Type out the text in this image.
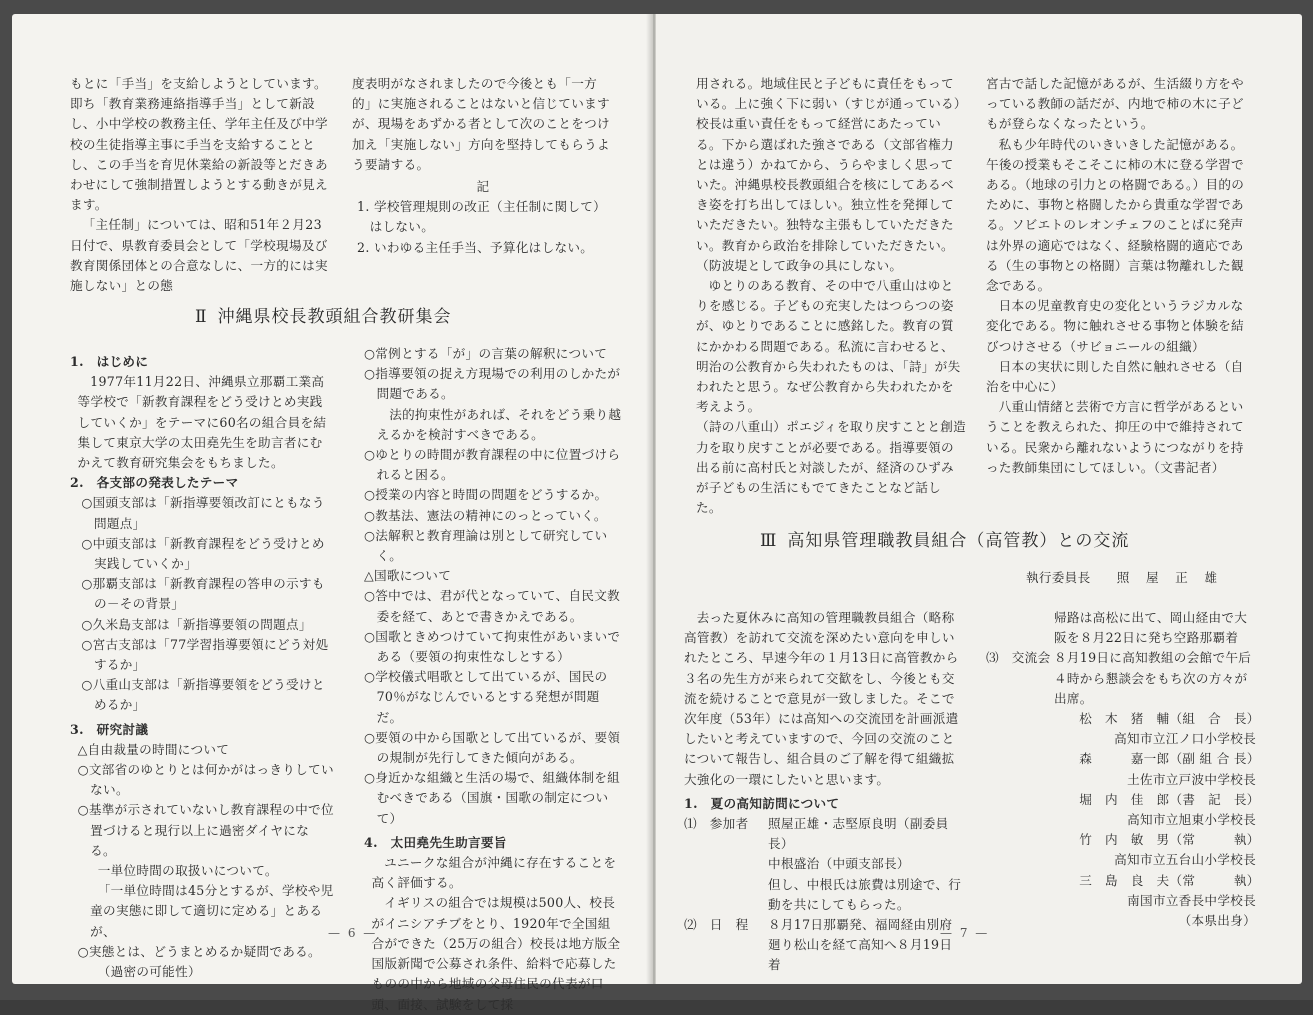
もとに「手当」を支給しようとしています。即ち「教育業務連絡指導手当」として新設し、小中学校の教務主任、学年主任及び中学校の生徒指導主事に手当を支給することとし、この手当を育児休業給の新設等とだきあわせにして強制措置しようとする動きが見えます。

「主任制」については、昭和51年２月23日付で、県教育委員会として「学校現場及び教育関係団体との合意なしに、一方的には実施しない」との態

度表明がなされましたので今後とも「一方的」に実施されることはないと信じていますが、現場をあずかる者として次のことをつけ加え「実施しない」方向を堅持してもらうよう要請する。

記

1. 学校管理規則の改正（主任制に関して）はしない。

2. いわゆる主任手当、予算化はしない。

Ⅱ 沖縄県校長教頭組合教研集会

1.　はじめに

1977年11月22日、沖縄県立那覇工業高等学校で「新教育課程をどう受けとめ実践していくか」をテーマに60名の組合員を結集して東京大学の太田堯先生を助言者にむかえて教育研究集会をもちました。

2.　各支部の発表したテーマ

○国頭支部は「新指導要領改訂にともなう問題点」

○中頭支部は「新教育課程をどう受けとめ実践していくか」

○那覇支部は「新教育課程の答申の示すもの－その背景」

○久米島支部は「新指導要領の問題点」

○宮古支部は「77学習指導要領にどう対処するか」

○八重山支部は「新指導要領をどう受けとめるか」

3.　研究討議

△自由裁量の時間について

○文部省のゆとりとは何かがはっきりしていない。

○基準が示されていないし教育課程の中で位置づけると現行以上に過密ダイヤになる。

一単位時間の取扱いについて。

「一単位時間は45分とするが、学校や児童の実態に即して適切に定める」とあるが、

○実態とは、どうまとめるか疑問である。

（過密の可能性）

○常例とする「が」の言葉の解釈について

○指導要領の捉え方現場での利用のしかたが問題である。

法的拘束性があれば、それをどう乗り越えるかを検討すべきである。

○ゆとりの時間が教育課程の中に位置づけられると困る。

○授業の内容と時間の問題をどうするか。

○教基法、憲法の精神にのっとっていく。

○法解釈と教育理論は別として研究していく。

△国歌について

○答中では、君が代となっていて、自民文教委を経て、あとで書きかえである。

○国歌ときめつけていて拘束性があいまいである（要領の拘束性なしとする）

○学校儀式唱歌として出ているが、国民の70％がなじんでいるとする発想が問題だ。

○要領の中から国歌として出ているが、要領の規制が先行してきた傾向がある。

○身近かな組織と生活の場で、組織体制を組むべきである（国旗・国歌の制定について）

4.　太田堯先生助言要旨

ユニークな組合が沖縄に存在することを高く評価する。

イギリスの組合では規模は500人、校長がイニシアチブをとり、1920年で全国組合ができた（25万の組合）校長は地方版全国版新聞で公募され条件、給料で応募したものの中から地域の父母住民の代表が口頭、面接、試験をして採

— 6 —

用される。地域住民と子どもに責任をもっている。上に強く下に弱い（すじが通っている）校長は重い責任をもって経営にあたっている。下から選ばれた強さである（文部省権力とは違う）かねてから、うらやましく思っていた。沖縄県校長教頭組合を核にしてあるべき姿を打ち出してほしい。独立性を発揮していただきたい。独特な主張もしていただきたい。教育から政治を排除していただきたい。（防波堤として政争の具にしない。

ゆとりのある教育、その中で八重山はゆとりを感じる。子どもの充実したはつらつの姿が、ゆとりであることに感銘した。教育の質にかかわる問題である。私流に言わせると、明治の公教育から失われたものは、「詩」が失われたと思う。なぜ公教育から失われたかを考えよう。

（詩の八重山）ポエジィを取り戻すことと創造力を取り戻すことが必要である。指導要領の出る前に高村氏と対談したが、経済のひずみが子どもの生活にもでてきたことなど話した。

宮古で話した記憶があるが、生活綴り方をやっている教師の話だが、内地で柿の木に子どもが登らなくなったという。

私も少年時代のいきいきした記憶がある。午後の授業もそこそこに柿の木に登る学習である。（地球の引力との格闘である。）目的のために、事物と格闘したから貴重な学習である。ソビエトのレオンチェフのことばに発声は外界の適応ではなく、経験格闘的適応である（生の事物との格闘）言葉は物離れした観念である。

日本の児童教育史の変化というラジカルな変化である。物に触れさせる事物と体験を結びつけさせる（サビョニールの組織）

日本の実状に則した自然に触れさせる（自治を中心に）

八重山情緒と芸術で方言に哲学があるということを教えられた、抑圧の中で維持されている。民衆から離れないようにつながりを持った教師集団にしてほしい。（文書記者）

Ⅲ 高知県管理職教員組合（高管教）との交流
執行委員長 照　屋　正　雄

去った夏休みに高知の管理職教員組合（略称高管教）を訪れて交流を深めたい意向を申しいれたところ、早速今年の１月13日に高管教から３名の先生方が来られて交歓をし、今後とも交流を続けることで意見が一致しました。そこで次年度（53年）には高知への交流団を計画派遣したいと考えていますので、今回の交流のことについて報告し、組合員のご了解を得て組織拡大強化の一環にしたいと思います。

1.　夏の高知訪問について

⑴　参加者	照屋正雄・志堅原良明（副委員長）

中根盛治（中頭支部長）

但し、中根氏は旅費は別途で、行動を共にしてもらった。

⑵　日　程	８月17日那覇発、福岡経由別府廻り松山を経て高知へ８月19日着

帰路は高松に出て、岡山経由で大阪を８月22日に発ち空路那覇着

⑶　交流会 ８月19日に高知教組の会館で午后４時から懇談会をもち次の方々が出席。

松　木　猪　輔（組　合　長）

高知市立江ノ口小学校長

森　　　嘉一郎（副 組 合 長）

土佐市立戸波中学校長

堀　内　佳　郎（書　記　長）

高知市立旭東小学校長

竹　内　敏　男（常　　　執）

高知市立五台山小学校長

三　島　良　夫（常　　　執）

南国市立香長中学校長

（本県出身）

— 7 —
